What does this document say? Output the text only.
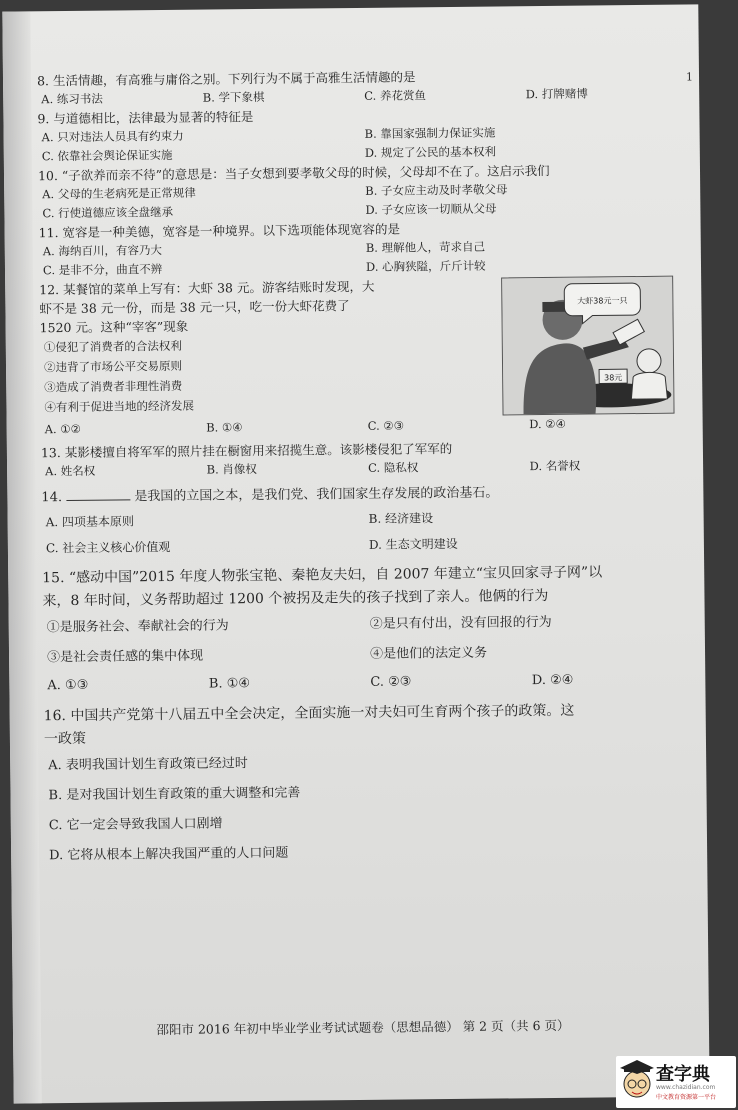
1

8. 生活情趣，有高雅与庸俗之别。下列行为不属于高雅生活情趣的是

A. 练习书法	B. 学下象棋	C. 养花赏鱼	D. 打牌赌博

9. 与道德相比，法律最为显著的特征是

A. 只对违法人员具有约束力	B. 靠国家强制力保证实施
C. 依靠社会舆论保证实施	D. 规定了公民的基本权利

10. “子欲养而亲不待”的意思是：当子女想到要孝敬父母的时候，父母却不在了。这启示我们

A. 父母的生老病死是正常规律	B. 子女应主动及时孝敬父母
C. 行使道德应该全盘继承	D. 子女应该一切顺从父母

11. 宽容是一种美德，宽容是一种境界。以下选项能体现宽容的是

A. 海纳百川，有容乃大	B. 理解他人，苛求自己
C. 是非不分，曲直不辨	D. 心胸狭隘，斤斤计较

12. 某餐馆的菜单上写有：大虾 38 元。游客结账时发现，大

虾不是 38 元一份，而是 38 元一只，吃一份大虾花费了

1520 元。这种“宰客”现象

①侵犯了消费者的合法权利
②违背了市场公平交易原则
③造成了消费者非理性消费
④有利于促进当地的经济发展
大虾38元一只
38元
A. ①②	B. ①④	C. ②③	D. ②④

13. 某影楼擅自将军军的照片挂在橱窗用来招揽生意。该影楼侵犯了军军的

A. 姓名权	B. 肖像权	C. 隐私权	D. 名誉权

14.	是我国的立国之本，是我们党、我们国家生存发展的政治基石。

A. 四项基本原则	B. 经济建设
C. 社会主义核心价值观	D. 生态文明建设

15. “感动中国”2015 年度人物张宝艳、秦艳友夫妇，自 2007 年建立“宝贝回家寻子网”以

来，8 年时间，义务帮助超过 1200 个被拐及走失的孩子找到了亲人。他俩的行为

①是服务社会、奉献社会的行为	②是只有付出，没有回报的行为
③是社会责任感的集中体现	④是他们的法定义务
A. ①③	B. ①④	C. ②③	D. ②④

16. 中国共产党第十八届五中全会决定，全面实施一对夫妇可生育两个孩子的政策。这

一政策

A. 表明我国计划生育政策已经过时
B. 是对我国计划生育政策的重大调整和完善
C. 它一定会导致我国人口剧增
D. 它将从根本上解决我国严重的人口问题
邵阳市 2016 年初中毕业学业考试试题卷（思想品德） 第 2 页（共 6 页）
查字典
www.chazidian.com
中文教育资源第一平台
